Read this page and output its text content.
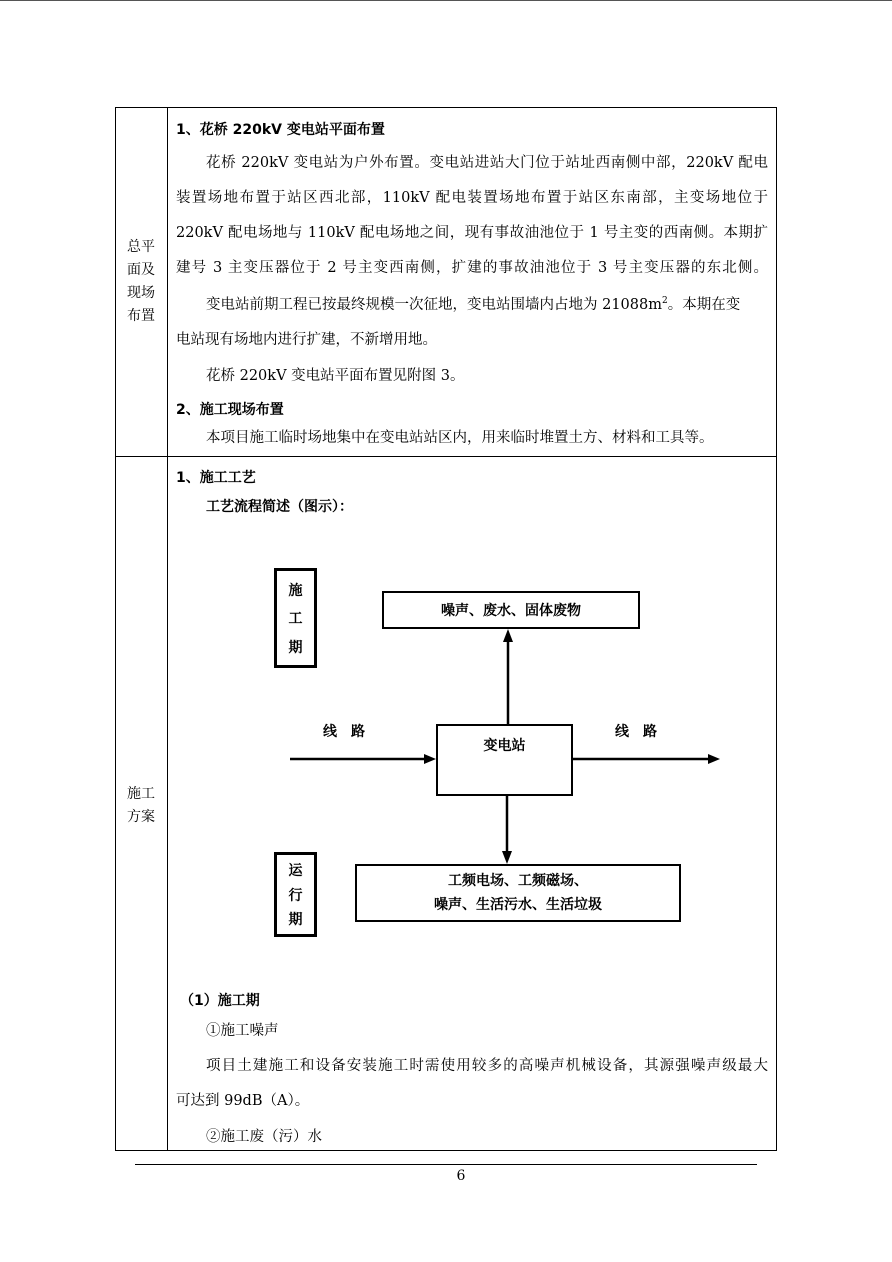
总平
面及
现场
布置
1、花桥 220kV 变电站平面布置
花桥 220kV 变电站为户外布置。变电站进站大门位于站址西南侧中部，220kV 配电
装置场地布置于站区西北部，110kV 配电装置场地布置于站区东南部，主变场地位于
220kV 配电场地与 110kV 配电场地之间，现有事故油池位于 1 号主变的西南侧。本期扩
建号 3 主变压器位于 2 号主变西南侧，扩建的事故油池位于 3 号主变压器的东北侧。
变电站前期工程已按最终规模一次征地，变电站围墙内占地为 $21088m^2$。本期在变
电站现有场地内进行扩建，不新增用地。
花桥 220kV 变电站平面布置见附图 3。
2、施工现场布置
本项目施工临时场地集中在变电站站区内，用来临时堆置土方、材料和工具等。
施工
方案
1、施工工艺
工艺流程简述（图示）：
施
工
期
噪声、废水、固体废物
线　路	线　路
变电站
运
行
期
工频电场、工频磁场、
噪声、生活污水、生活垃圾
（1）施工期
①施工噪声
项目土建施工和设备安装施工时需使用较多的高噪声机械设备，其源强噪声级最大
可达到 99dB（A）。
②施工废（污）水
6
